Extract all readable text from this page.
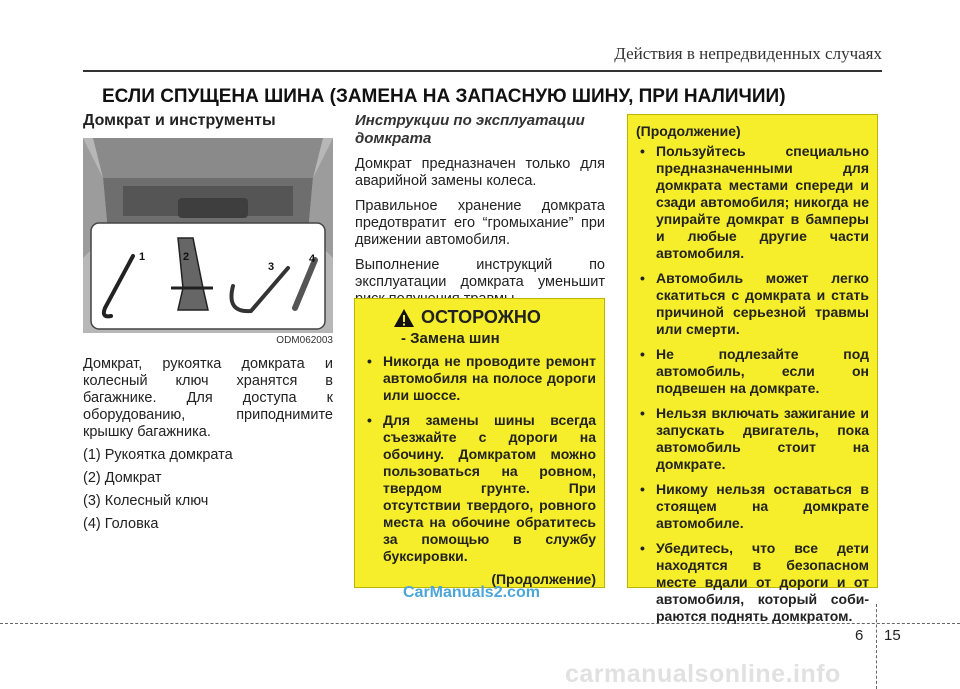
Действия в непредвиденных случаях
ЕСЛИ СПУЩЕНА ШИНА (ЗАМЕНА НА ЗАПАСНУЮ ШИНУ, ПРИ НАЛИЧИИ)
Домкрат и инструменты
1	2
3
4
ODM062003

Домкрат, рукоятка домкрата и колесный ключ хранятся в багажнике. Для доступа к оборудованию, приподнимите крышку багажника.

(1) Рукоятка домкрата
(2) Домкрат
(3) Колесный ключ
(4) Головка
Инструкции по эксплуатации домкрата

Домкрат предназначен только для аварийной замены колеса.

Правильное хранение домкрата предотвратит его “громыхание” при движении автомобиля.

Выполнение инструкций по эксплуатации домкрата уменьшит

ОСТОРОЖНО
- Замена шин
• Никогда не проводите ремонт автомобиля на полосе дороги или шоссе.
• Для замены шины всегда съезжайте с дороги на обочину. Домкратом можно пользоваться на ровном, твердом грунте. При отсутствии твердого, ровного места на обочине обратитесь за помощью в службу буксировки.
(Продолжение)
(Продолжение)
• Пользуйтесь специально предназначенными для домкрата местами спереди и сзади автомобиля; никогда не упирайте домкрат в бамперы и любые другие части автомобиля.
• Автомобиль может легко скатиться с домкрата и стать причиной серьезной травмы или смерти.
• Не подлезайте под автомобиль, если он подвешен на домкрате.
• Нельзя включать зажигание и запускать двигатель, пока автомобиль стоит на домкрате.
• Никому нельзя оставаться в стоящем на домкрате автомобиле.
• Убедитесь, что все дети находятся в безопасном месте вдали от дороги и от автомобиля, который соби-раются поднять домкратом.
CarManuals2.com
6 15
carmanualsonline.info
